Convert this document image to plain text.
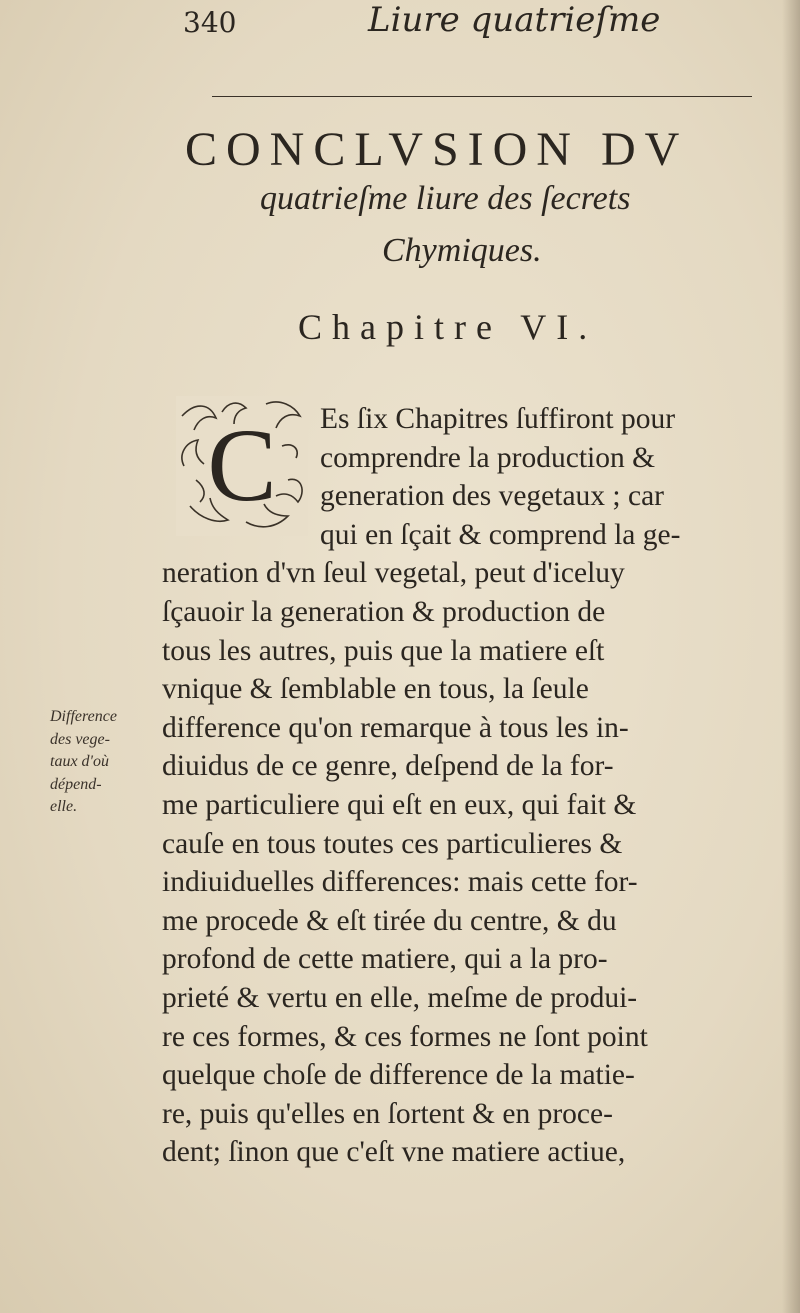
340	Liure quatrieſme
CONCLVSION DV
quatrieſme liure des ſecrets
Chymiques.
Chapitre VI.
C	Es ſix Chapitres ſuffiront pour
comprendre la production &
generation des vegetaux ; car
qui en ſçait & comprend la ge-
neration d'vn ſeul vegetal, peut d'iceluy
ſçauoir la generation & production de
tous les autres, puis que la matiere eſt
vnique & ſemblable en tous, la ſeule
difference qu'on remarque à tous les in-
diuidus de ce genre, deſpend de la for-
me particuliere qui eſt en eux, qui fait &
cauſe en tous toutes ces particulieres &
indiuiduelles differences: mais cette for-
me procede & eſt tirée du centre, & du
profond de cette matiere, qui a la pro-
prieté & vertu en elle, meſme de produi-
re ces formes, & ces formes ne ſont point
quelque choſe de difference de la matie-
re, puis qu'elles en ſortent & en proce-
dent; ſinon que c'eſt vne matiere actiue,
Difference
des vege-
taux d'où
dépend-
elle.
